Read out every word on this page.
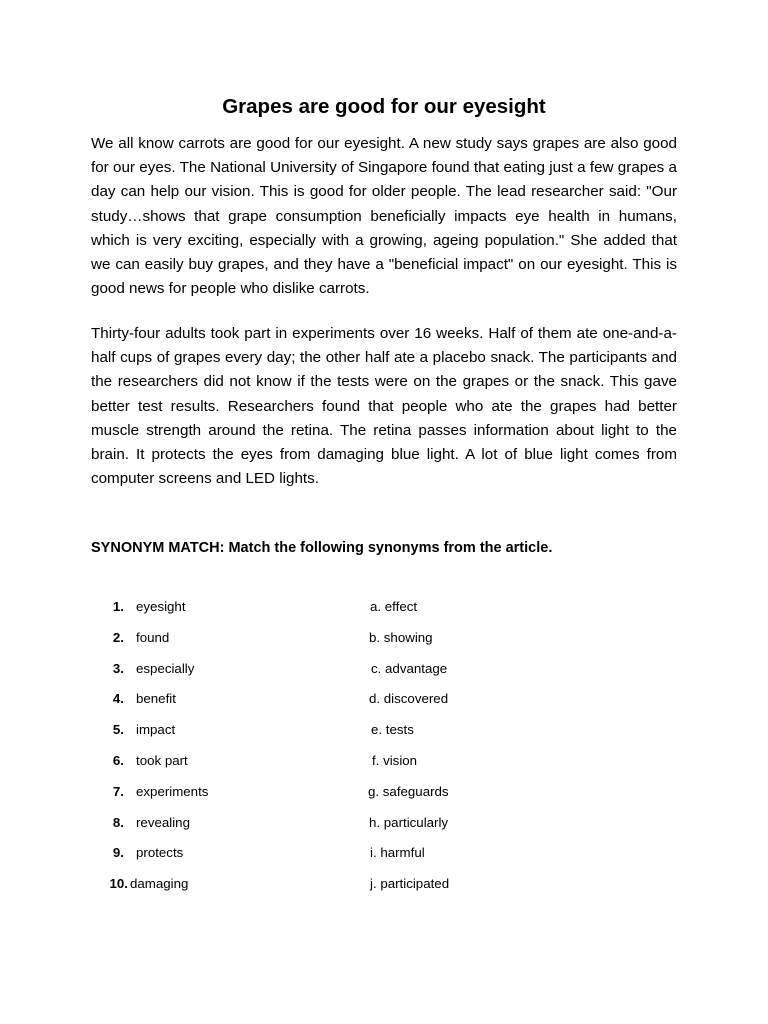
Grapes are good for our eyesight

We all know carrots are good for our eyesight. A new study says grapes are also good for our eyes. The National University of Singapore found that eating just a few grapes a day can help our vision. This is good for older people. The lead researcher said: "Our study…shows that grape consumption beneficially impacts eye health in humans, which is very exciting, especially with a growing, ageing population." She added that we can easily buy grapes, and they have a "beneficial impact" on our eyesight. This is good news for people who dislike carrots.

Thirty-four adults took part in experiments over 16 weeks. Half of them ate one-and-a-half cups of grapes every day; the other half ate a placebo snack. The participants and the researchers did not know if the tests were on the grapes or the snack. This gave better test results. Researchers found that people who ate the grapes had better muscle strength around the retina. The retina passes information about light to the brain. It protects the eyes from damaging blue light. A lot of blue light comes from computer screens and LED lights.

SYNONYM MATCH: Match the following synonyms from the article.

1. eyesight	a. effect
2. found	b. showing
3. especially	c. advantage
4. benefit	d. discovered
5. impact	e. tests
6. took part	f. vision
7. experiments	g. safeguards
8. revealing	h. particularly
9. protects	i. harmful
10. damaging	j. participated
